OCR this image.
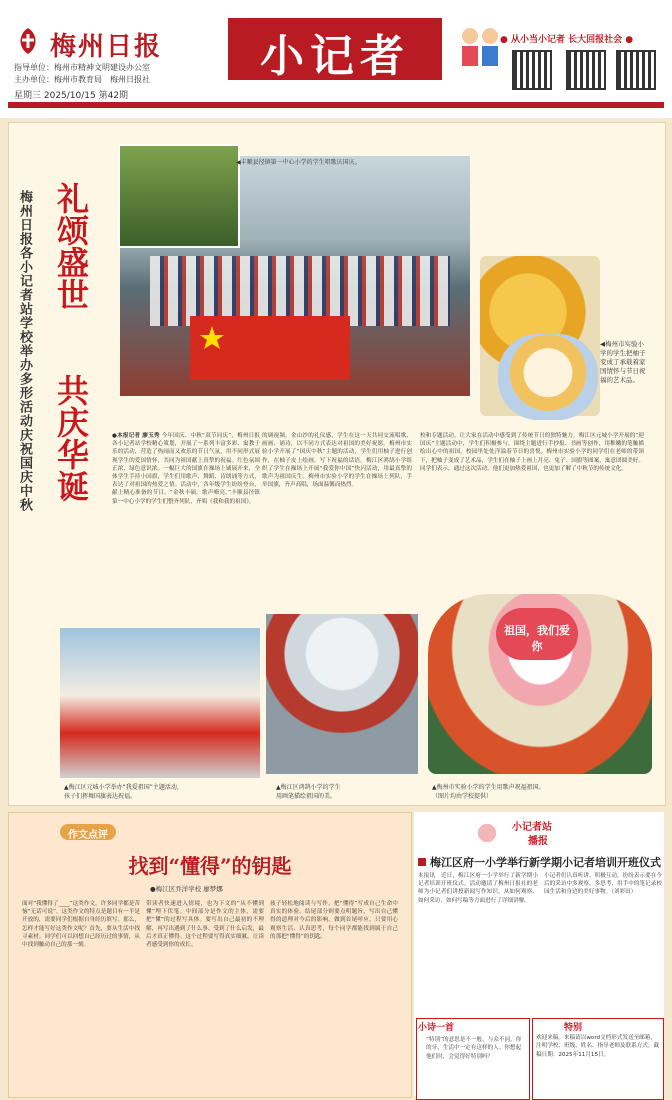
梅州日报
指导单位：梅州市精神文明建设办公室
主办单位：梅州市教育局　梅州日报社
星期三 2025/10/15 第42期
小记者	● 从小当小记者 长大回报社会 ●
◀丰顺县径镇第一中心小学的学生唱歌庆国庆。
◀梅州市实验小学的学生把柚子变成了承载着家国情怀与节日祝福的艺术品。
梅州日报各小记者站学校举办多形活动庆祝国庆中秋 礼颂盛世
共庆华诞	●本报记者 廖玉秀 今年国庆、中秋“双节同庆”，梅州日报各小记者站学校精心策划，开展了一系列丰富多彩、寓教于乐的活动，营造了热闹而又欢乐的节日气氛，用不同形式展现学生的爱国情怀，共同为祖国献上真挚的祝福。红色氛围正浓、绿色意识浓。一幅巨大的国旗在操场上铺展开来，全体学生手持小国旗，学生们用歌声、舞蹈、诗朗诵等方式，表达了对祖国的热爱之情。活动中，各年级学生纷纷登台，献上精心准备的节目。“金秋丰硕，歌声嘹亮。”丰顺县径镇第一中心小学的学生们整齐列队，齐唱《我和我的祖国》。
的调视频。金山沙的礼仪感，学生在这一天共同交流唱歌、画画、诵诗，以不同方式表达对祖国的美好祝愿。梅州市实验小学开展了“国庆中秋”主题的活动，学生们用柚子进行创作，在柚子皮上绘画，写下祝福的话语。梅江区鸿鹄小学组织了学生在操场上开展“我爱你中国”快闪活动，用最真挚的歌声为祖国庆生。梅州市实验小学的学生在操场上列队，手举国旗，齐声高唱，场面温馨而热烈。
校和专题活动，让大家在活动中感受到了传统节日的独特魅力。梅江区元城小学开展的“迎国庆”主题活动中，学生们积极参与，围绕主题进行手抄报、书画等创作，用稚嫩的笔触描绘出心中的祖国。校园里处处洋溢着节日的喜悦。梅州市实验小学的同学们在老师的带领下，把柚子变成了艺术品，学生们在柚子上画上月亮、兔子、国旗等图案，寓意团圆美好。同学们表示，通过这次活动，他们更加热爱祖国，也更加了解了中秋节的传统文化。
祖国，我们爱你
▲梅江区元城小学举办“我爱祖国”主题活动，
孩子们挥舞国旗表达祝福。
▲梅江区鸿鹄小学的学生
用画笔描绘祖国的美。
▲梅州市实验小学的学生用歌声祝福祖国。
（图片均由学校提供）
作文点评
找到“懂得”的钥匙
●梅江区乔洋学校 廖梦娜
面对“我懂得了____”这类作文，许多同学都是苦恼“无话可说”。这类作文的特点是题目有一半是开放的，需要同学们根据自身经历填写。那么，怎样才能写好这类作文呢？首先，要从生活中找寻素材。同学们可以回想自己经历过的事情，从中找到触动自己的那一刻。
带读者快速进入情境，也为下文的“从不懂到懂”埋下伏笔。中间部分是作文的主体，需要把“懂”的过程写具体。要写出自己最初的不理解，再写出遇到了什么事、受到了什么启发，最后才真正懂得。这个过程要写得真实细腻，让读者感受到你的成长。
孩子轻松地阅读与写作，把“懂得”写成自己生命中真实的体验。结尾部分则要点明题旨，写出自己懂得的道理对今后的影响，做到首尾呼应。只要用心观察生活、认真思考，每个同学都能找到属于自己的那把“懂得”的钥匙。
小记者站
播报
梅江区府一小学举行新学期小记者培训开班仪式
本报讯　近日，梅江区府一小学举行了新学期小记者培训开班仪式。活动邀请了梅州日报社的老师为小记者们讲授新闻写作知识，从如何观察、如何采访、如何写稿等方面进行了详细讲解。
小记者们认真听讲、积极互动，纷纷表示要在今后的采访中多观察、多思考，用手中的笔记录校园生活和身边的美好事物。（刘彩田）
小诗一首
“特别”的意思是不一般，与众不同。你的牙，生活中一定有这样的人。你想起他们时，会觉得好特别吗？
特别
欢迎来稿。来稿请以word文档形式发送至邮箱，注明学校、班级、姓名、指导老师及联系方式。截稿日期：2025年11月15日。
